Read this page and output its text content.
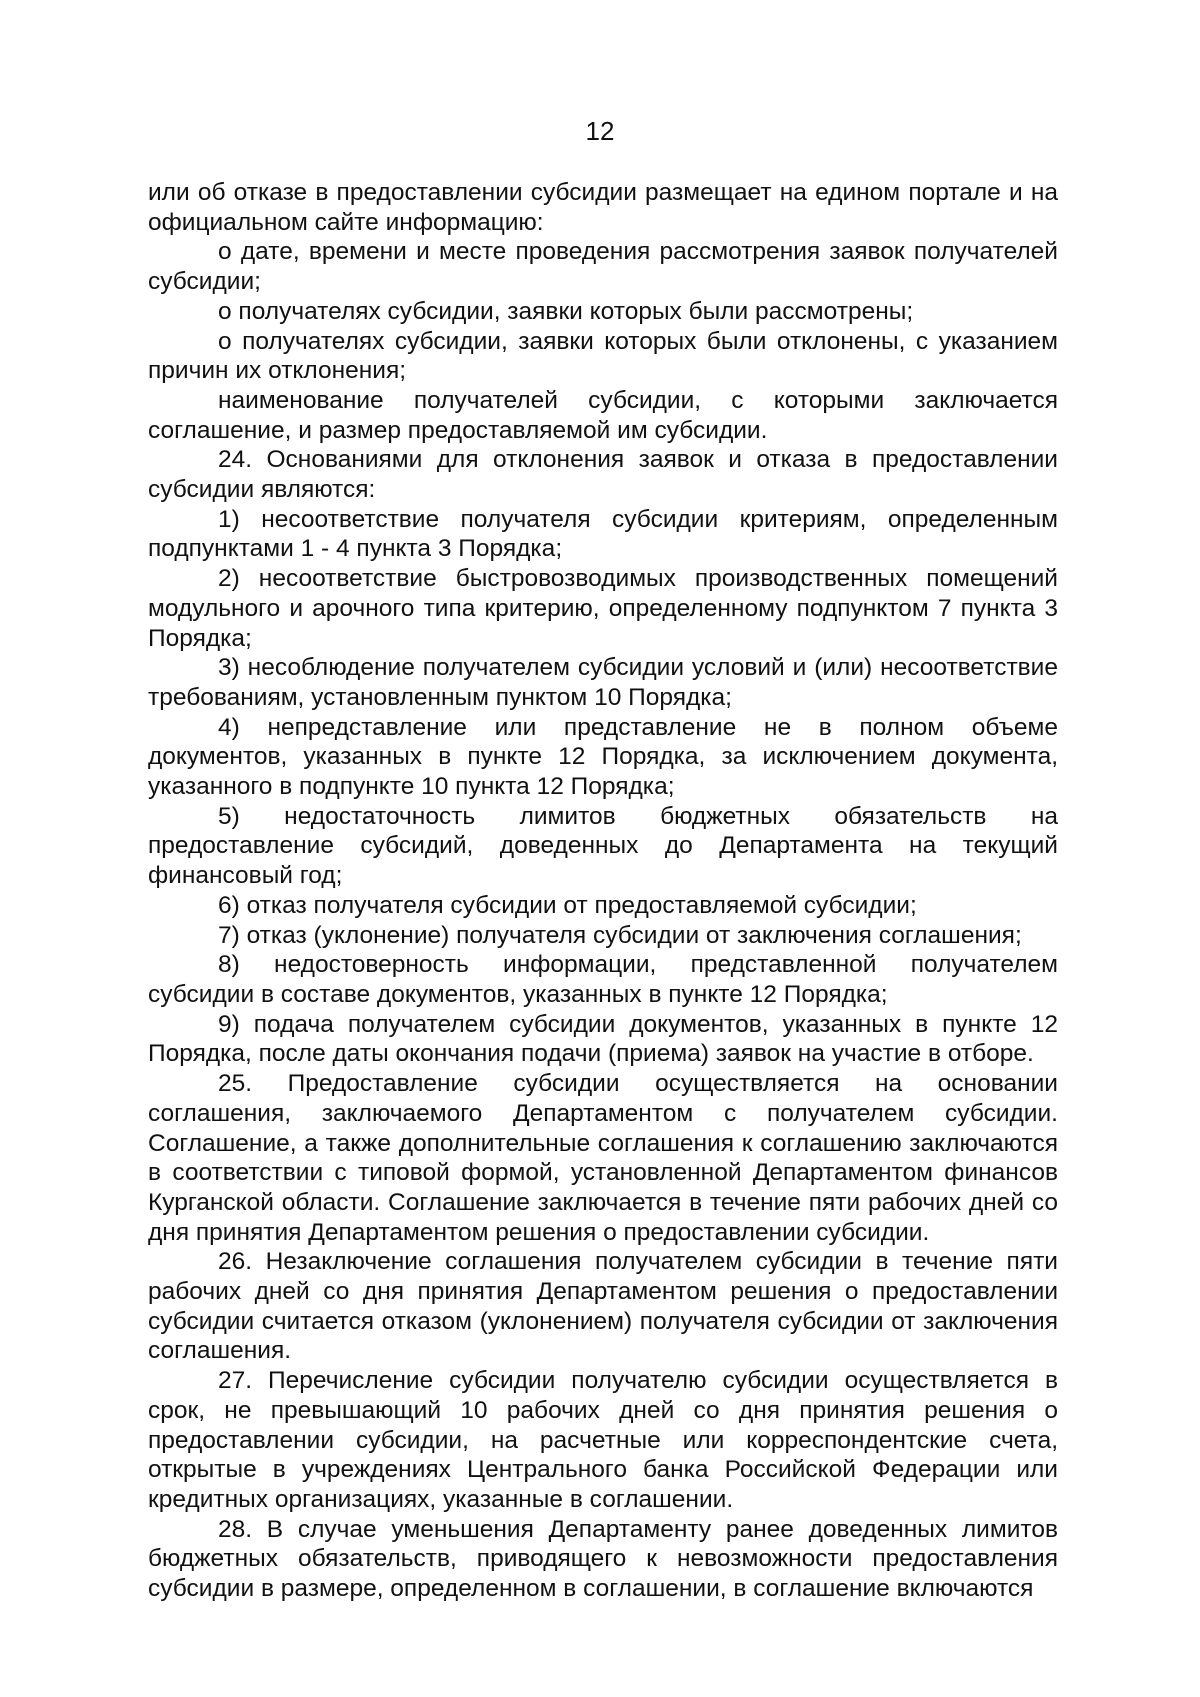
12

или об отказе в предоставлении субсидии размещает на едином портале и на официальном сайте информацию:

о дате, времени и месте проведения рассмотрения заявок получателей субсидии;

о получателях субсидии, заявки которых были рассмотрены;

о получателях субсидии, заявки которых были отклонены, с указанием причин их отклонения;

наименование получателей субсидии, с которыми заключается соглашение, и размер предоставляемой им субсидии.

24. Основаниями для отклонения заявок и отказа в предоставлении субсидии являются:

1) несоответствие получателя субсидии критериям, определенным подпунктами 1 - 4 пункта 3 Порядка;

2) несоответствие быстровозводимых производственных помещений модульного и арочного типа критерию, определенному подпунктом 7 пункта 3 Порядка;

3) несоблюдение получателем субсидии условий и (или) несоответствие требованиям, установленным пунктом 10 Порядка;

4) непредставление или представление не в полном объеме документов, указанных в пункте 12 Порядка, за исключением документа, указанного в подпункте 10 пункта 12 Порядка;

5) недостаточность лимитов бюджетных обязательств на предоставление субсидий, доведенных до Департамента на текущий финансовый год;

6) отказ получателя субсидии от предоставляемой субсидии;

7) отказ (уклонение) получателя субсидии от заключения соглашения;

8) недостоверность информации, представленной получателем субсидии в составе документов, указанных в пункте 12 Порядка;

9) подача получателем субсидии документов, указанных в пункте 12 Порядка, после даты окончания подачи (приема) заявок на участие в отборе.

25. Предоставление субсидии осуществляется на основании соглашения, заключаемого Департаментом с получателем субсидии. Соглашение, а также дополнительные соглашения к соглашению заключаются в соответствии с типовой формой, установленной Департаментом финансов Курганской области. Соглашение заключается в течение пяти рабочих дней со дня принятия Департаментом решения о предоставлении субсидии.

26. Незаключение соглашения получателем субсидии в течение пяти рабочих дней со дня принятия Департаментом решения о предоставлении субсидии считается отказом (уклонением) получателя субсидии от заключения соглашения.

27. Перечисление субсидии получателю субсидии осуществляется в срок, не превышающий 10 рабочих дней со дня принятия решения о предоставлении субсидии, на расчетные или корреспондентские счета, открытые в учреждениях Центрального банка Российской Федерации или кредитных организациях, указанные в соглашении.

28. В случае уменьшения Департаменту ранее доведенных лимитов бюджетных обязательств, приводящего к невозможности предоставления субсидии в размере, определенном в соглашении, в соглашение включаются
